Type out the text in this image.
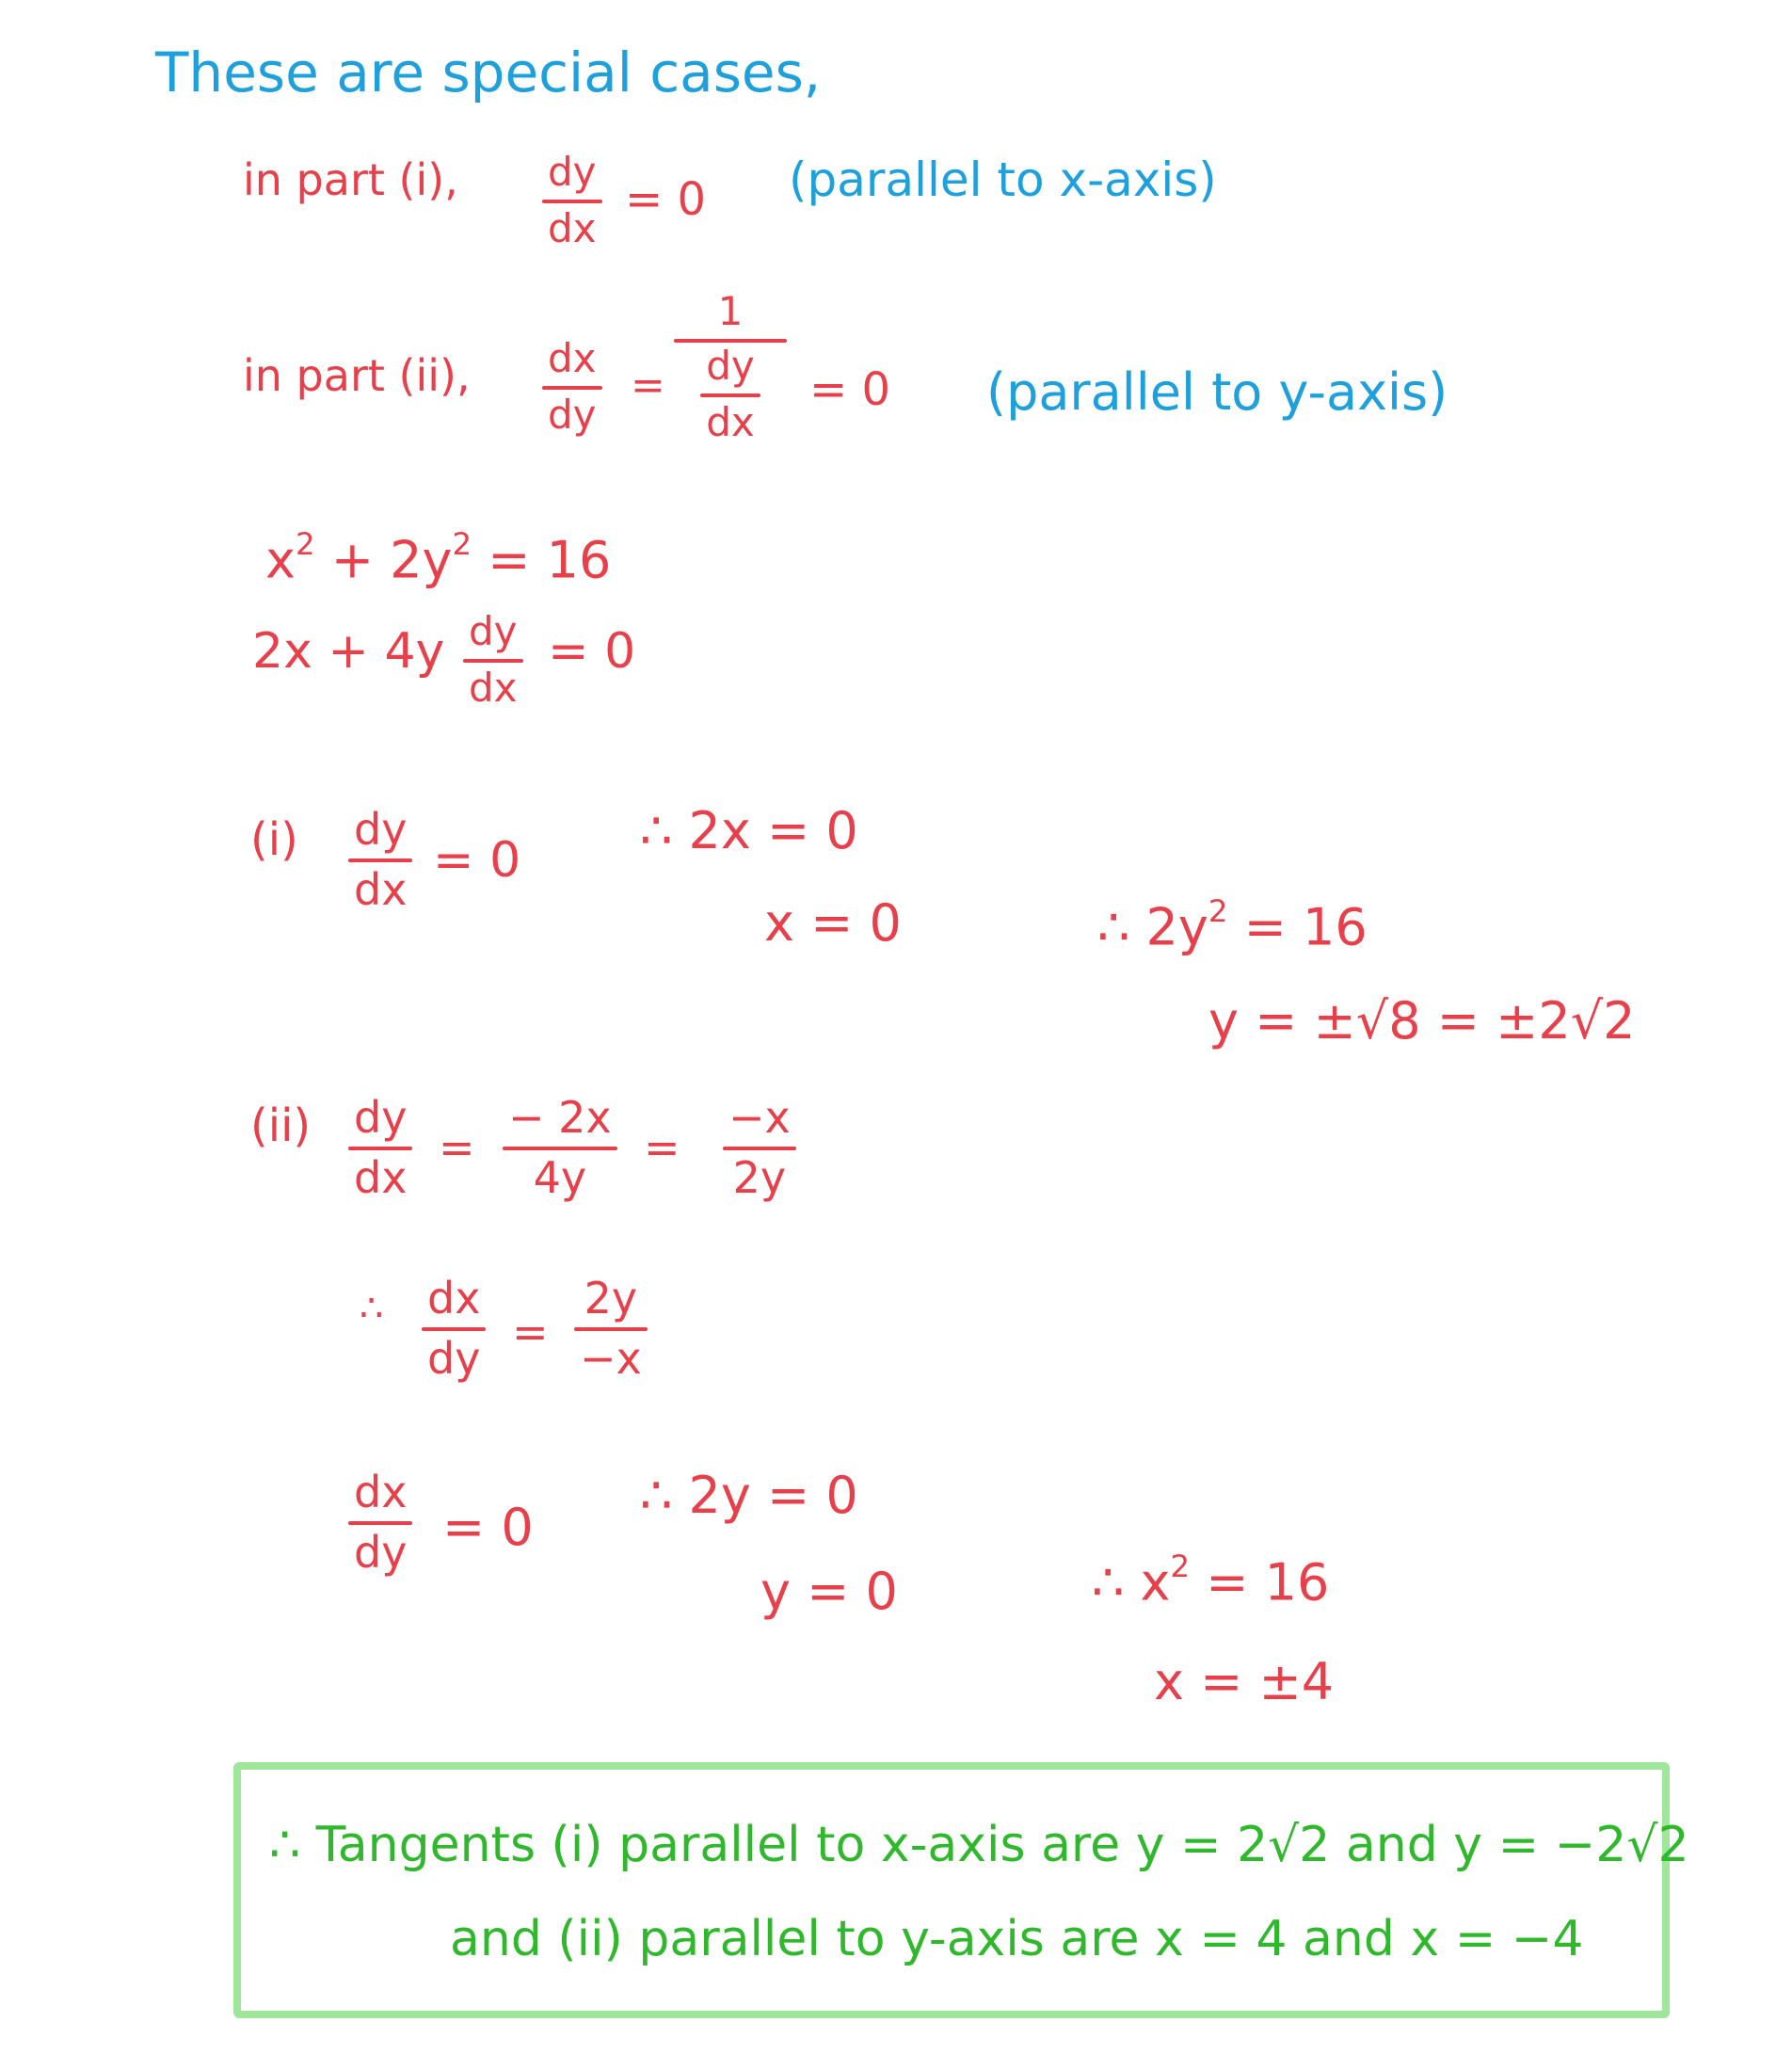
These are special cases,
in part (i), dy
dx
= 0 (parallel to x-axis)
in part (ii), dx
dy
=
1
dy
dx
= 0 (parallel to y-axis)
$x^2 + 2y^2 = 16$
2x + 4y dy
dx
= 0
(i) dy
dx
= 0 ∴ 2x = 0
x = 0	∴ $2y^2 = 16$
y = ±√8 = ±2√2
(ii) dy
dx
=
− 2x
4y
=
−x
2y
∴ dx
dy
=
2y
−x
dx
dy = 0
∴ 2y = 0
y = 0	∴ $x^2 = 16$
x = ±4
∴ Tangents (i) parallel to x-axis are y = 2√2 and y = −2√2
and (ii) parallel to y-axis are x = 4 and x = −4
